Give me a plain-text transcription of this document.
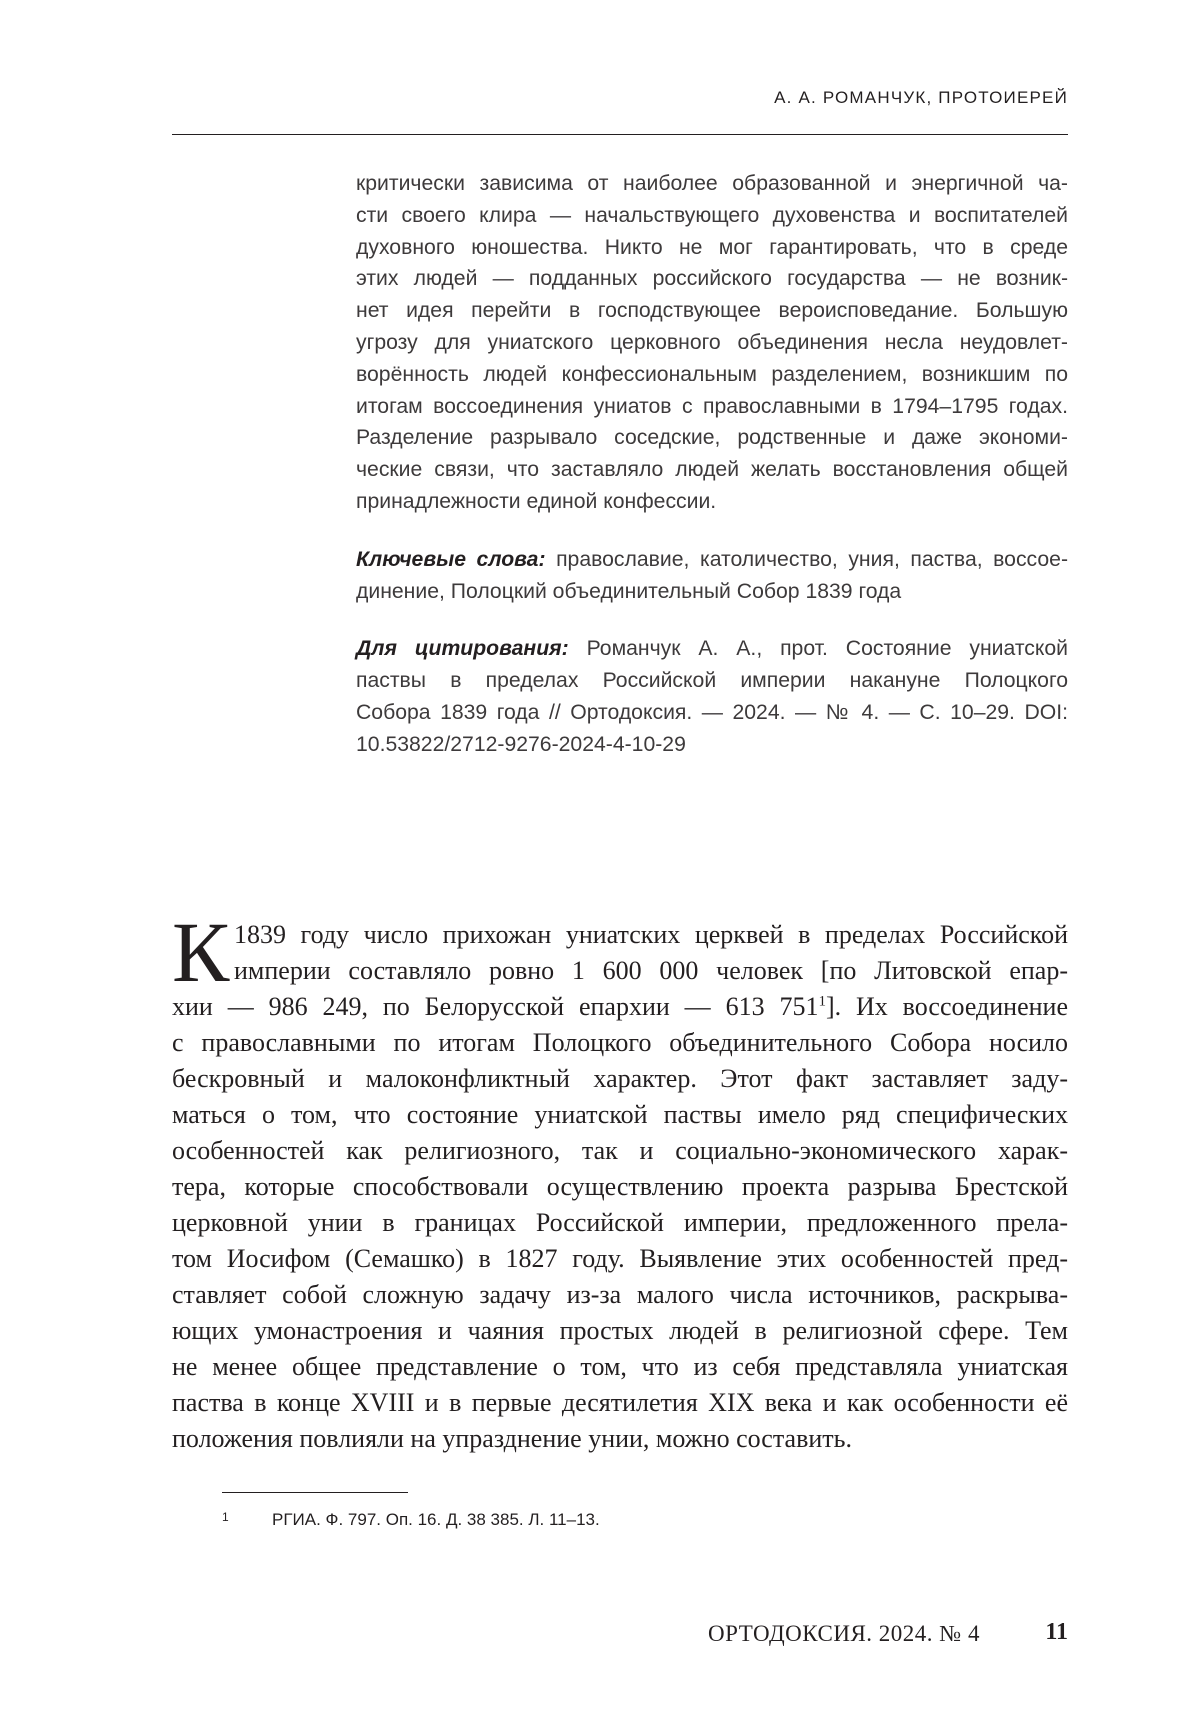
А. А. РОМАНЧУК, ПРОТОИЕРЕЙ
критически зависима от наиболее образованной и энергичной ча-
сти своего клира — начальствующего духовенства и воспитателей
духовного юношества. Никто не мог гарантировать, что в среде
этих людей — подданных российского государства — не возник-
нет идея перейти в господствующее вероисповедание. Большую
угрозу для униатского церковного объединения несла неудовлет-
ворённость людей конфессиональным разделением, возникшим по
итогам воссоединения униатов с православными в 1794–1795 годах.
Разделение разрывало соседские, родственные и даже экономи-
ческие связи, что заставляло людей желать восстановления общей
принадлежности единой конфессии.
Ключевые слова: православие, католичество, уния, паства, воссое-
динение, Полоцкий объединительный Собор 1839 года
Для цитирования: Романчук А. А., прот. Состояние униатской
паствы в пределах Российской империи накануне Полоцкого
Собора 1839 года // Ортодоксия. — 2024. — № 4. — С. 10–29. DOI:
10.53822/2712-9276-2024-4-10-29
К 1839 году число прихожан униатских церквей в пределах Российской
империи составляло ровно 1 600 000 человек [по Литовской епар-
хии — 986 249, по Белорусской епархии — 613 751$^1$]. Их воссоединение
с православными по итогам Полоцкого объединительного Собора носило
бескровный и малоконфликтный характер. Этот факт заставляет заду-
маться о том, что состояние униатской паствы имело ряд специфических
особенностей как религиозного, так и социально-экономического харак-
тера, которые способствовали осуществлению проекта разрыва Брестской
церковной унии в границах Российской империи, предложенного прела-
том Иосифом (Семашко) в 1827 году. Выявление этих особенностей пред-
ставляет собой сложную задачу из-за малого числа источников, раскрыва-
ющих умонастроения и чаяния простых людей в религиозной сфере. Тем
не менее общее представление о том, что из себя представляла униатская
паства в конце XVIII и в первые десятилетия XIX века и как особенности её
положения повлияли на упразднение унии, можно составить.
1	РГИА. Ф. 797. Оп. 16. Д. 38 385. Л. 11–13.
ОРТОДОКСИЯ. 2024. № 4	11
